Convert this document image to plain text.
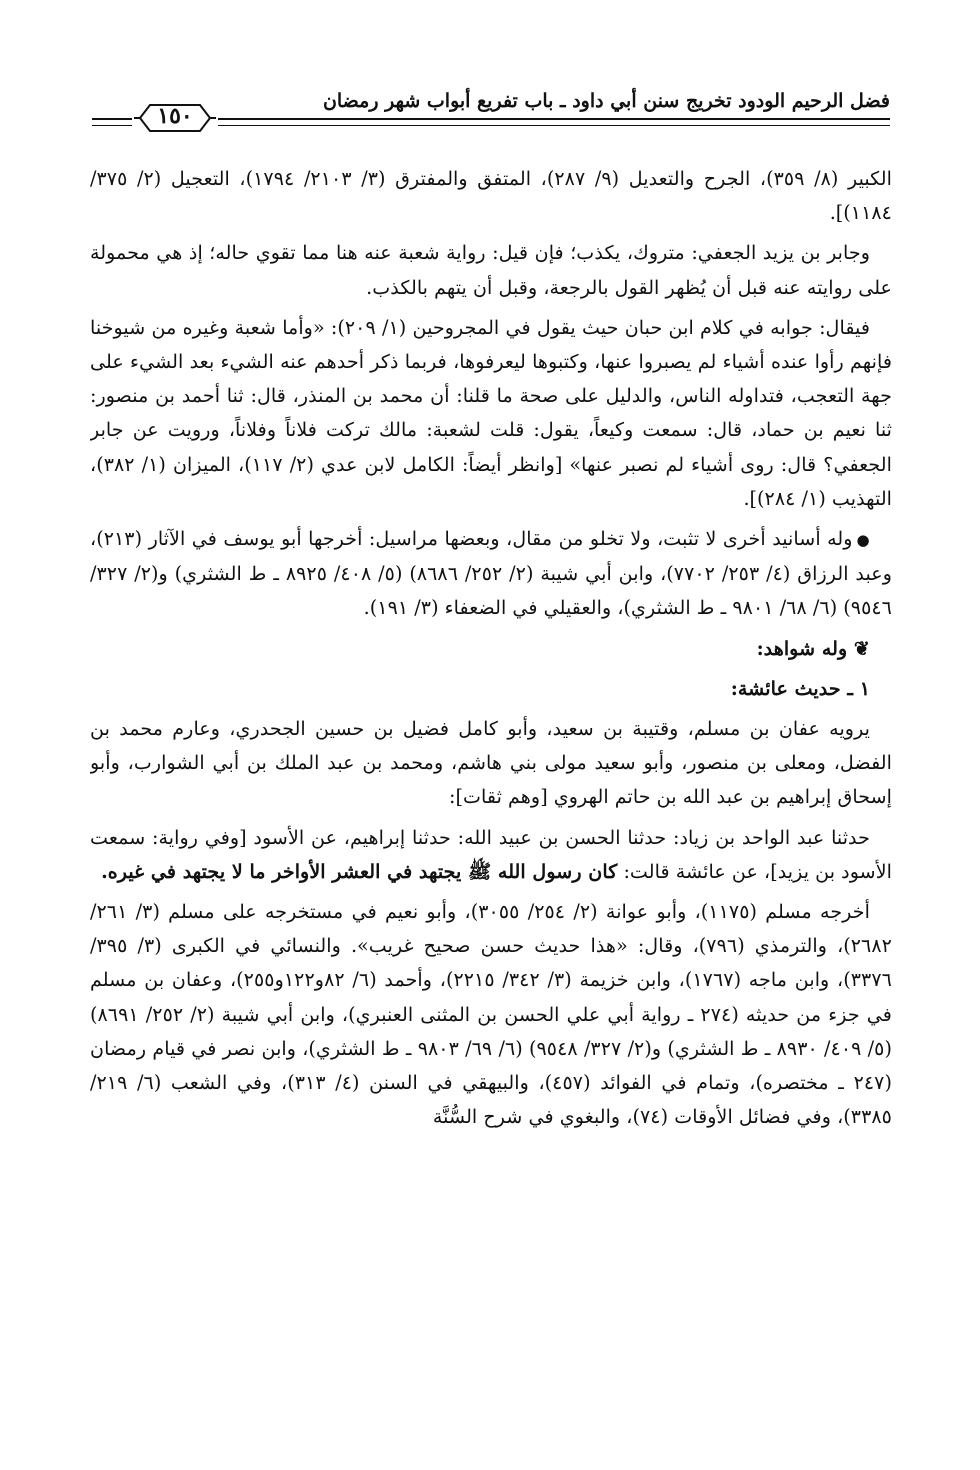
١٥٠
فضل الرحيم الودود تخريج سنن أبي داود ـ باب تفريع أبواب شهر رمضان

الكبير (٨/ ٣٥٩)، الجرح والتعديل (٩/ ٢٨٧)، المتفق والمفترق (٣/ ٢١٠٣/ ١٧٩٤)، التعجيل (٢/ ٣٧٥/ ١١٨٤)].

وجابر بن يزيد الجعفي: متروك، يكذب؛ فإن قيل: رواية شعبة عنه هنا مما تقوي حاله؛ إذ هي محمولة على روايته عنه قبل أن يُظهر القول بالرجعة، وقبل أن يتهم بالكذب.

فيقال: جوابه في كلام ابن حبان حيث يقول في المجروحين (١/ ٢٠٩): «وأما شعبة وغيره من شيوخنا فإنهم رأوا عنده أشياء لم يصبروا عنها، وكتبوها ليعرفوها، فربما ذكر أحدهم عنه الشيء بعد الشيء على جهة التعجب، فتداوله الناس، والدليل على صحة ما قلنا: أن محمد بن المنذر، قال: ثنا أحمد بن منصور: ثنا نعيم بن حماد، قال: سمعت وكيعاً، يقول: قلت لشعبة: مالك تركت فلاناً وفلاناً، ورويت عن جابر الجعفي؟ قال: روى أشياء لم نصبر عنها» [وانظر أيضاً: الكامل لابن عدي (٢/ ١١٧)، الميزان (١/ ٣٨٢)، التهذيب (١/ ٢٨٤)].

●وله أسانيد أخرى لا تثبت، ولا تخلو من مقال، وبعضها مراسيل: أخرجها أبو يوسف في الآثار (٢١٣)، وعبد الرزاق (٤/ ٢٥٣/ ٧٧٠٢)، وابن أبي شيبة (٢/ ٢٥٢/ ٨٦٨٦) (٥/ ٤٠٨/ ٨٩٢٥ ـ ط الشثري) و(٢/ ٣٢٧/ ٩٥٤٦) (٦/ ٦٨/ ٩٨٠١ ـ ط الشثري)، والعقيلي في الضعفاء (٣/ ١٩١).

❦ وله شواهد:

١ ـ حديث عائشة:

يرويه عفان بن مسلم، وقتيبة بن سعيد، وأبو كامل فضيل بن حسين الجحدري، وعارم محمد بن الفضل، ومعلى بن منصور، وأبو سعيد مولى بني هاشم، ومحمد بن عبد الملك بن أبي الشوارب، وأبو إسحاق إبراهيم بن عبد الله بن حاتم الهروي [وهم ثقات]:

حدثنا عبد الواحد بن زياد: حدثنا الحسن بن عبيد الله: حدثنا إبراهيم، عن الأسود [وفي رواية: سمعت الأسود بن يزيد]، عن عائشة قالت: كان رسول الله ﷺ يجتهد في العشر الأواخر ما لا يجتهد في غيره.

أخرجه مسلم (١١٧٥)، وأبو عوانة (٢/ ٢٥٤/ ٣٠٥٥)، وأبو نعيم في مستخرجه على مسلم (٣/ ٢٦١/ ٢٦٨٢)، والترمذي (٧٩٦)، وقال: «هذا حديث حسن صحيح غريب». والنسائي في الكبرى (٣/ ٣٩٥/ ٣٣٧٦)، وابن ماجه (١٧٦٧)، وابن خزيمة (٣/ ٣٤٢/ ٢٢١٥)، وأحمد (٦/ ٨٢و١٢٢و٢٥٥)، وعفان بن مسلم في جزء من حديثه (٢٧٤ ـ رواية أبي علي الحسن بن المثنى العنبري)، وابن أبي شيبة (٢/ ٢٥٢/ ٨٦٩١) (٥/ ٤٠٩/ ٨٩٣٠ ـ ط الشثري) و(٢/ ٣٢٧/ ٩٥٤٨) (٦/ ٦٩/ ٩٨٠٣ ـ ط الشثري)، وابن نصر في قيام رمضان (٢٤٧ ـ مختصره)، وتمام في الفوائد (٤٥٧)، والبيهقي في السنن (٤/ ٣١٣)، وفي الشعب (٦/ ٢١٩/ ٣٣٨٥)، وفي فضائل الأوقات (٧٤)، والبغوي في شرح السُّنَّة
